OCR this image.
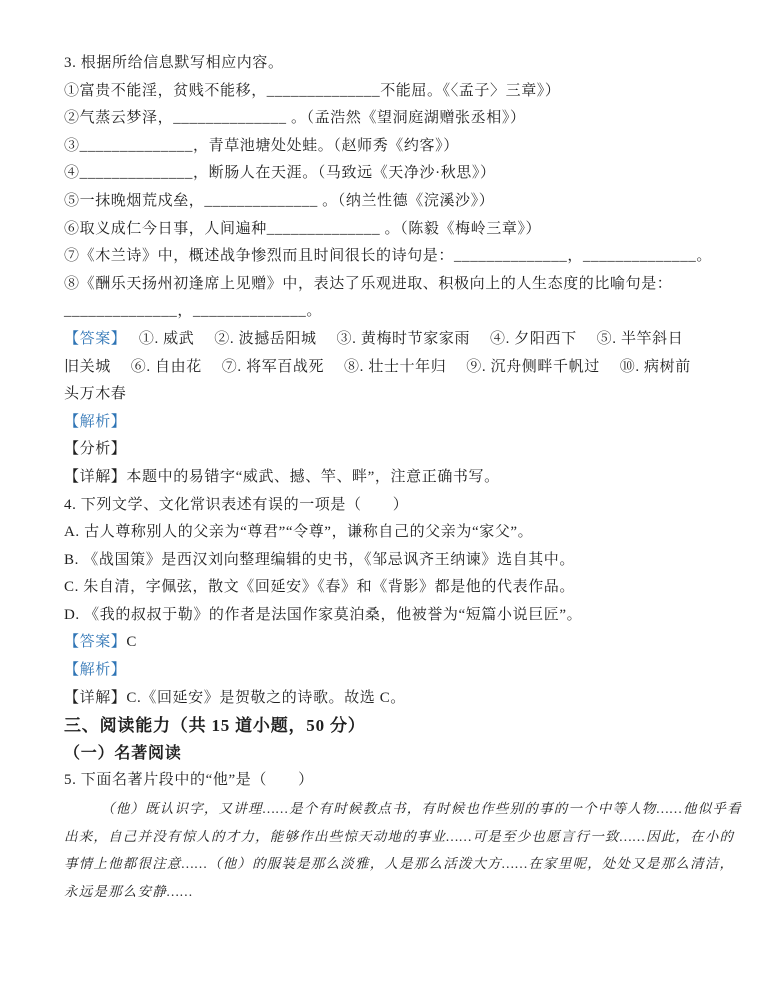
3. 根据所给信息默写相应内容。
①富贵不能淫，贫贱不能移，______________不能屈。《〈孟子〉三章》）
②气蒸云梦泽，______________ 。（孟浩然《望洞庭湖赠张丞相》）
③______________，青草池塘处处蛙。（赵师秀《约客》）
④______________，断肠人在天涯。（马致远《天净沙·秋思》）
⑤一抹晚烟荒戍垒，______________ 。（纳兰性德《浣溪沙》）
⑥取义成仁今日事，人间遍种______________ 。（陈毅《梅岭三章》）
⑦《木兰诗》中，概述战争惨烈而且时间很长的诗句是：______________，______________。
⑧《酬乐天扬州初逢席上见赠》中，表达了乐观进取、积极向上的人生态度的比喻句是：
______________，______________。
【答案】　 ①. 威武　 ②. 波撼岳阳城　 ③. 黄梅时节家家雨　 ④. 夕阳西下　 ⑤. 半竿斜日
旧关城　 ⑥. 自由花　 ⑦. 将军百战死　 ⑧. 壮士十年归　 ⑨. 沉舟侧畔千帆过　 ⑩. 病树前
头万木春
【解析】
【分析】
【详解】本题中的易错字“威武、撼、竿、畔”，注意正确书写。
4. 下列文学、文化常识表述有误的一项是（　　）
A. 古人尊称别人的父亲为“尊君”“令尊”，谦称自己的父亲为“家父”。
B. 《战国策》是西汉刘向整理编辑的史书，《邹忌讽齐王纳谏》选自其中。
C. 朱自清，字佩弦，散文《回延安》《春》和《背影》都是他的代表作品。
D. 《我的叔叔于勒》的作者是法国作家莫泊桑，他被誉为“短篇小说巨匠”。
【答案】C
【解析】
【详解】C.《回延安》是贺敬之的诗歌。故选 C。
三、阅读能力（共 15 道小题，50 分）
（一）名著阅读
5. 下面名著片段中的“他”是（　　）
（他）既认识字，又讲理……是个有时候教点书，有时候也作些别的事的一个中等人物……他似乎看
出来，自己并没有惊人的才力，能够作出些惊天动地的事业……可是至少也愿言行一致……因此，在小的
事情上他都很注意……（他）的服装是那么淡雅，人是那么活泼大方……在家里呢，处处又是那么清洁，
永远是那么安静……
